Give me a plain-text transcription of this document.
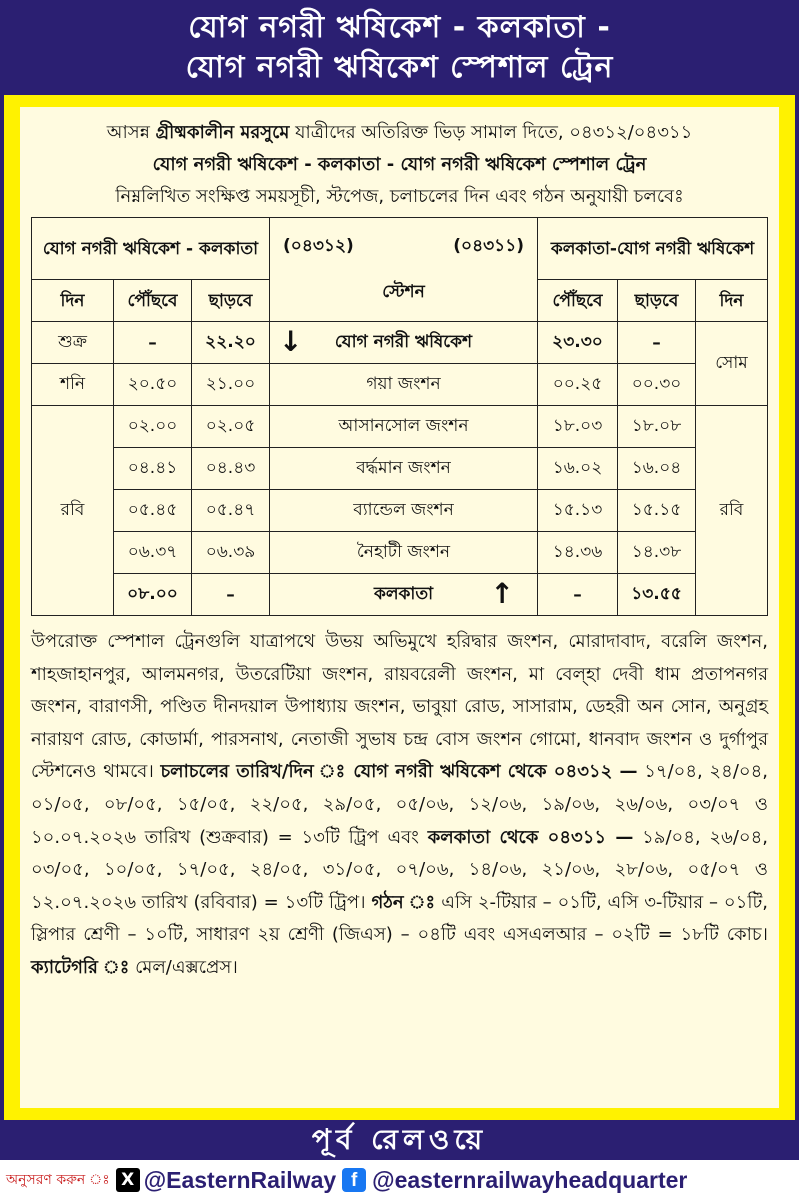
যোগ নগরী ঋষিকেশ - কলকাতা -
যোগ নগরী ঋষিকেশ স্পেশাল ট্রেন
আসন্ন গ্রীষ্মকালীন মরসুমে যাত্রীদের অতিরিক্ত ভিড় সামাল দিতে, ০৪৩১২/০৪৩১১
যোগ নগরী ঋষিকেশ - কলকাতা - যোগ নগরী ঋষিকেশ স্পেশাল ট্রেন
নিম্নলিখিত সংক্ষিপ্ত সময়সূচী, স্টপেজ, চলাচলের দিন এবং গঠন অনুযায়ী চলবেঃ
যোগ নগরী ঋষিকেশ - কলকাতা			(০৪৩১২) (০৪৩১১)
স্টেশন	কলকাতা-যোগ নগরী ঋষিকেশ		
দিন	পৌঁছবে	ছাড়বে		পৌঁছবে	ছাড়বে	দিন
শুক্র	–	২২.২০	↓ যোগ নগরী ঋষিকেশ	২৩.৩০	–	সোম
শনি	২০.৫০	২১.০০	গয়া জংশন	০০.২৫	০০.৩০	
রবি	০২.০০	০২.০৫	আসানসোল জংশন	১৮.০৩	১৮.০৮	রবি
	০৪.৪১	০৪.৪৩	বর্দ্ধমান জংশন	১৬.০২	১৬.০৪	
	০৫.৪৫	০৫.৪৭	ব্যান্ডেল জংশন	১৫.১৩	১৫.১৫	
	০৬.৩৭	০৬.৩৯	নৈহাটী জংশন	১৪.৩৬	১৪.৩৮	
	০৮.০০	–	কলকাতা ↑	–	১৩.৫৫	
উপরোক্ত স্পেশাল ট্রেনগুলি যাত্রাপথে উভয় অভিমুখে হরিদ্বার জংশন, মোরাদাবাদ, বরেলি জংশন, শাহজাহানপুর, আলমনগর, উতরেটিয়া জংশন, রায়বরেলী জংশন, মা বেল্‌হা দেবী ধাম প্রতাপনগর জংশন, বারাণসী, পণ্ডিত দীনদয়াল উপাধ্যায় জংশন, ভাবুয়া রোড, সাসারাম, ডেহরী অন সোন, অনুগ্রহ নারায়ণ রোড, কোডার্মা, পারসনাথ, নেতাজী সুভাষ চন্দ্র বোস জংশন গোমো, ধানবাদ জংশন ও দুর্গাপুর স্টেশনেও থামবে। চলাচলের তারিখ/দিন ঃ যোগ নগরী ঋষিকেশ থেকে ০৪৩১২ — ১৭/০৪, ২৪/০৪, ০১/০৫, ০৮/০৫, ১৫/০৫, ২২/০৫, ২৯/০৫, ০৫/০৬, ১২/০৬, ১৯/০৬, ২৬/০৬, ০৩/০৭ ও ১০.০৭.২০২৬ তারিখ (শুক্রবার) = ১৩টি ট্রিপ এবং কলকাতা থেকে ০৪৩১১ — ১৯/০৪, ২৬/০৪, ০৩/০৫, ১০/০৫, ১৭/০৫, ২৪/০৫, ৩১/০৫, ০৭/০৬, ১৪/০৬, ২১/০৬, ২৮/০৬, ০৫/০৭ ও ১২.০৭.২০২৬ তারিখ (রবিবার) = ১৩টি ট্রিপ। গঠন ঃ এসি ২-টিয়ার – ০১টি, এসি ৩-টিয়ার – ০১টি, স্লিপার শ্রেণী – ১০টি, সাধারণ ২য় শ্রেণী (জিএস) – ০৪টি এবং এসএলআর – ০২টি = ১৮টি কোচ। ক্যাটেগরি ঃ মেল/এক্সপ্রেস।
পূর্ব রেলওয়ে
অনুসরণ করুন ঃ X @EasternRailway f @easternrailwayheadquarter
